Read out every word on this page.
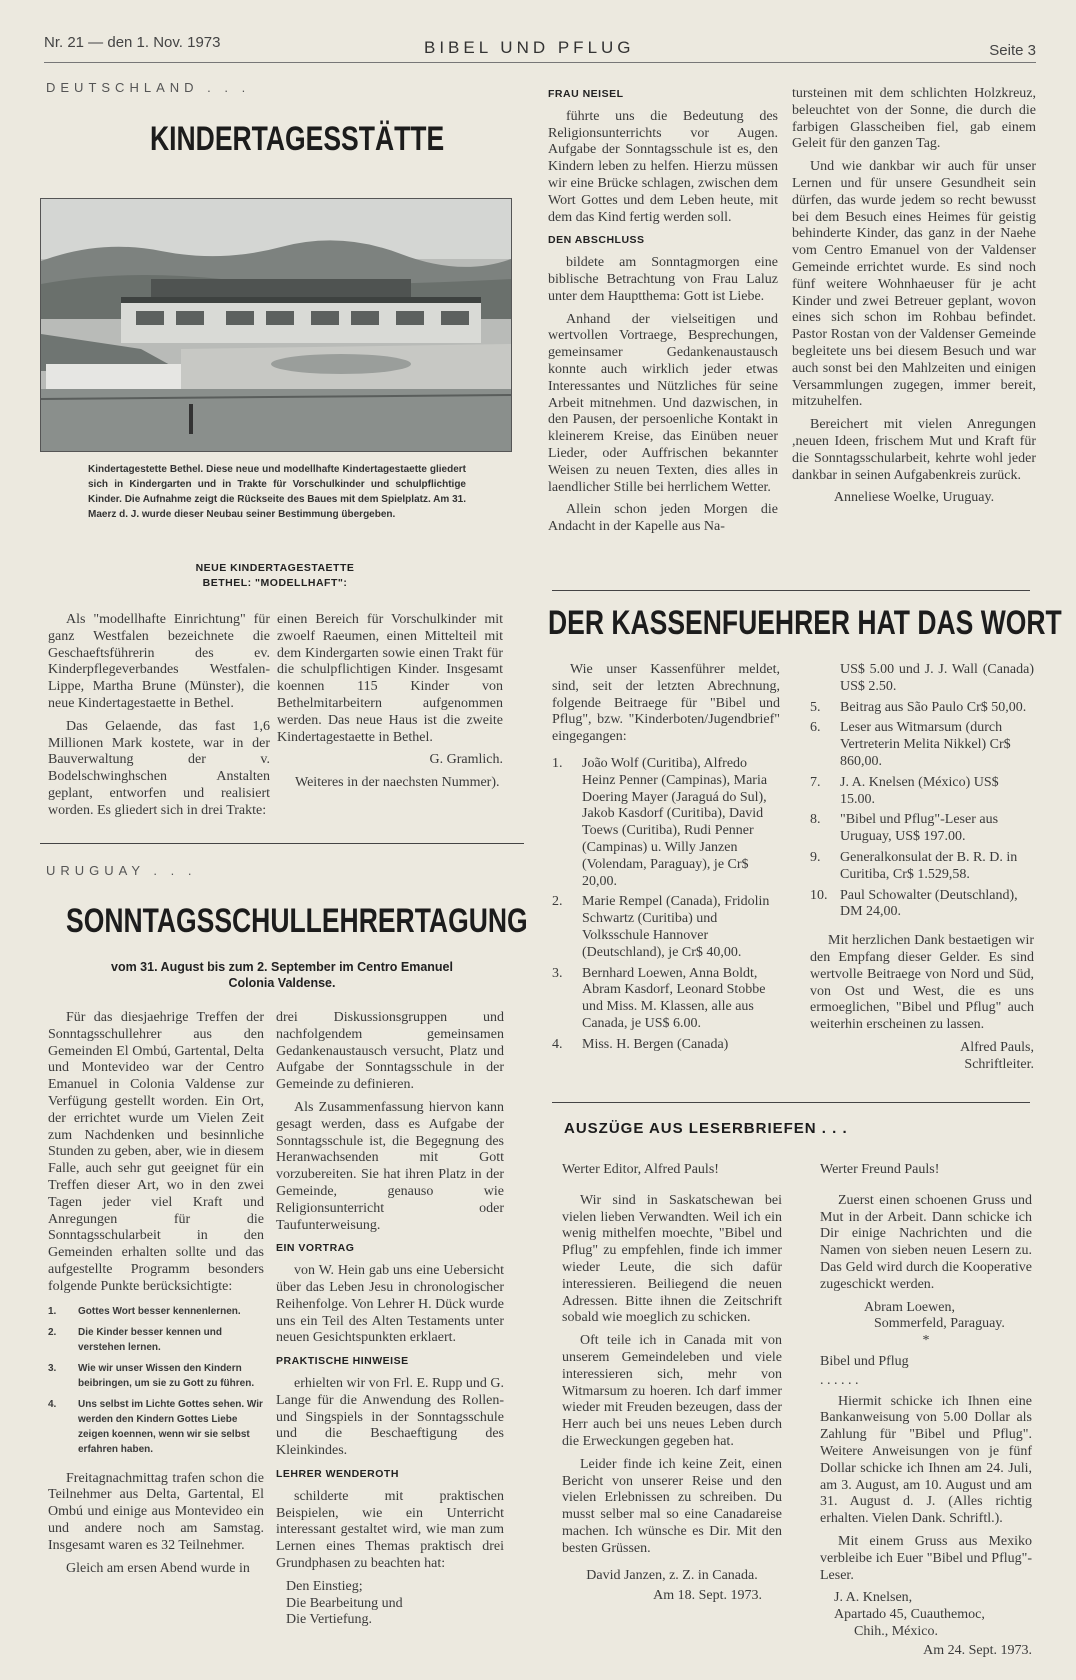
Nr. 21 — den 1. Nov. 1973	BIBEL UND PFLUG	Seite 3
DEUTSCHLAND . . .
KINDERTAGESSTÄTTE
Kindertagestette Bethel. Diese neue und modellhafte Kindertagestaette gliedert sich in Kindergarten und in Trakte für Vorschulkinder und schulpflichtige Kinder. Die Aufnahme zeigt die Rückseite des Baues mit dem Spielplatz. Am 31. Maerz d. J. wurde dieser Neubau seiner Bestimmung übergeben.
NEUE KINDERTAGESTAETTE
BETHEL: "MODELLHAFT":

Als "modellhafte Einrichtung" für ganz Westfalen bezeichnete die Geschaeftsführerin des ev. Kinderpflegeverbandes Westfalen-Lippe, Martha Brune (Münster), die neue Kindertagestaette in Bethel.

Das Gelaende, das fast 1,6 Millionen Mark kostete, war in der Bauverwaltung der v. Bodelschwinghschen Anstalten geplant, entworfen und realisiert worden. Es gliedert sich in drei Trakte:

einen Bereich für Vorschulkinder mit zwoelf Raeumen, einen Mittelteil mit dem Kindergarten sowie einen Trakt für die schulpflichtigen Kinder. Insgesamt koennen 115 Kinder von Bethelmitarbeitern aufgenommen werden. Das neue Haus ist die zweite Kindertagestaette in Bethel.

G. Gramlich.

Weiteres in der naechsten Nummer).

URUGUAY . . .
SONNTAGSSCHULLEHRERTAGUNG
vom 31. August bis zum 2. September im Centro Emanuel
Colonia Valdense.

Für das diesjaehrige Treffen der Sonntagsschullehrer aus den Gemeinden El Ombú, Gartental, Delta und Montevideo war der Centro Emanuel in Colonia Valdense zur Verfügung gestellt worden. Ein Ort, der errichtet wurde um Vielen Zeit zum Nachdenken und besinnliche Stunden zu geben, aber, wie in diesem Falle, auch sehr gut geeignet für ein Treffen dieser Art, wo in den zwei Tagen jeder viel Kraft und Anregungen für die Sonntagsschularbeit in den Gemeinden erhalten sollte und das aufgestellte Programm besonders folgende Punkte berücksichtigte:

1. Gottes Wort besser kennenlernen.
2. Die Kinder besser kennen und verstehen lernen.
3. Wie wir unser Wissen den Kindern beibringen, um sie zu Gott zu führen.
4. Uns selbst im Lichte Gottes sehen. Wir werden den Kindern Gottes Liebe zeigen koennen, wenn wir sie selbst erfahren haben.

Freitagnachmittag trafen schon die Teilnehmer aus Delta, Gartental, El Ombú und einige aus Montevideo ein und andere noch am Samstag. Insgesamt waren es 32 Teilnehmer.

Gleich am ersen Abend wurde in

drei Diskussionsgruppen und nachfolgendem gemeinsamen Gedankenaustausch versucht, Platz und Aufgabe der Sonntagsschule in der Gemeinde zu definieren.

Als Zusammenfassung hiervon kann gesagt werden, dass es Aufgabe der Sonntagsschule ist, die Begegnung des Heranwachsenden mit Gott vorzubereiten. Sie hat ihren Platz in der Gemeinde, genauso wie Religionsunterricht oder Taufunterweisung.

EIN VORTRAG

von W. Hein gab uns eine Uebersicht über das Leben Jesu in chronologischer Reihenfolge. Von Lehrer H. Dück wurde uns ein Teil des Alten Testaments unter neuen Gesichtspunkten erklaert.

PRAKTISCHE HINWEISE

erhielten wir von Frl. E. Rupp und G. Lange für die Anwendung des Rollen- und Singspiels in der Sonntagsschule und die Beschaeftigung des Kleinkindes.

LEHRER WENDEROTH

schilderte mit praktischen Beispielen, wie ein Unterricht interessant gestaltet wird, wie man zum Lernen eines Themas praktisch drei Grundphasen zu beachten hat:

Den Einstieg;
Die Bearbeitung und
Die Vertiefung.
FRAU NEISEL

führte uns die Bedeutung des Religionsunterrichts vor Augen. Aufgabe der Sonntagsschule ist es, den Kindern leben zu helfen. Hierzu müssen wir eine Brücke schlagen, zwischen dem Wort Gottes und dem Leben heute, mit dem das Kind fertig werden soll.

DEN ABSCHLUSS

bildete am Sonntagmorgen eine biblische Betrachtung von Frau Laluz unter dem Hauptthema: Gott ist Liebe.

Anhand der vielseitigen und wertvollen Vortraege, Besprechungen, gemeinsamer Gedankenaustausch konnte auch wirklich jeder etwas Interessantes und Nützliches für seine Arbeit mitnehmen. Und dazwischen, in den Pausen, der persoenliche Kontakt in kleinerem Kreise, das Einüben neuer Lieder, oder Auffrischen bekannter Weisen zu neuen Texten, dies alles in laendlicher Stille bei herrlichem Wetter.

Allein schon jeden Morgen die Andacht in der Kapelle aus Na-

tursteinen mit dem schlichten Holzkreuz, beleuchtet von der Sonne, die durch die farbigen Glasscheiben fiel, gab einem Geleit für den ganzen Tag.

Und wie dankbar wir auch für unser Lernen und für unsere Gesundheit sein dürfen, das wurde jedem so recht bewusst bei dem Besuch eines Heimes für geistig behinderte Kinder, das ganz in der Naehe vom Centro Emanuel von der Valdenser Gemeinde errichtet wurde. Es sind noch fünf weitere Wohnhaeuser für je acht Kinder und zwei Betreuer geplant, wovon eines sich schon im Rohbau befindet. Pastor Rostan von der Valdenser Gemeinde begleitete uns bei diesem Besuch und war auch sonst bei den Mahlzeiten und einigen Versammlungen zugegen, immer bereit, mitzuhelfen.

Bereichert mit vielen Anregungen ,neuen Ideen, frischem Mut und Kraft für die Sonntagsschularbeit, kehrte wohl jeder dankbar in seinen Aufgabenkreis zurück.

Anneliese Woelke, Uruguay.
DER KASSENFUEHRER HAT DAS WORT

Wie unser Kassenführer meldet, sind, seit der letzten Abrechnung, folgende Beitraege für "Bibel und Pflug", bzw. "Kinderboten/Jugendbrief" eingegangen:

1. João Wolf (Curitiba), Alfredo Heinz Penner (Campinas), Maria Doering Mayer (Jaraguá do Sul), Jakob Kasdorf (Curitiba), David Toews (Curitiba), Rudi Penner (Campinas) u. Willy Janzen (Volendam, Paraguay), je Cr$ 20,00.
2. Marie Rempel (Canada), Fridolin Schwartz (Curitiba) und Volksschule Hannover (Deutschland), je Cr$ 40,00.
3. Bernhard Loewen, Anna Boldt, Abram Kasdorf, Leonard Stobbe und Miss. M. Klassen, alle aus Canada, je US$ 6.00.
4. Miss. H. Bergen (Canada)
US$ 5.00 und J. J. Wall (Canada) US$ 2.50.
5. Beitrag aus São Paulo Cr$ 50,00.
6. Leser aus Witmarsum (durch Vertreterin Melita Nikkel) Cr$ 860,00.
7. J. A. Knelsen (México) US$ 15.00.
8. "Bibel und Pflug"-Leser aus Uruguay, US$ 197.00.
9. Generalkonsulat der B. R. D. in Curitiba, Cr$ 1.529,58.
10. Paul Schowalter (Deutschland), DM 24,00.

Mit herzlichen Dank bestaetigen wir den Empfang dieser Gelder. Es sind wertvolle Beitraege von Nord und Süd, von Ost und West, die es uns ermoeglichen, "Bibel und Pflug" auch weiterhin erscheinen zu lassen.

Alfred Pauls,
Schriftleiter.
AUSZÜGE AUS LESERBRIEFEN . . .

Werter Editor, Alfred Pauls!

Wir sind in Saskatschewan bei vielen lieben Verwandten. Weil ich ein wenig mithelfen moechte, "Bibel und Pflug" zu empfehlen, finde ich immer wieder Leute, die sich dafür interessieren. Beiliegend die neuen Adressen. Bitte ihnen die Zeitschrift sobald wie moeglich zu schicken.

Oft teile ich in Canada mit von unserem Gemeindeleben und viele interessieren sich, mehr von Witmarsum zu hoeren. Ich darf immer wieder mit Freuden bezeugen, dass der Herr auch bei uns neues Leben durch die Erweckungen gegeben hat.

Leider finde ich keine Zeit, einen Bericht von unserer Reise und den vielen Erlebnissen zu schreiben. Du musst selber mal so eine Canadareise machen. Ich wünsche es Dir. Mit den besten Grüssen.

David Janzen, z. Z. in Canada.
Am 18. Sept. 1973.

Werter Freund Pauls!

Zuerst einen schoenen Gruss und Mut in der Arbeit. Dann schicke ich Dir einige Nachrichten und die Namen von sieben neuen Lesern zu. Das Geld wird durch die Kooperative zugeschickt werden.

Abram Loewen,
Sommerfeld, Paraguay.
*

Bibel und Pflug

. . . . . .

Hiermit schicke ich Ihnen eine Bankanweisung von 5.00 Dollar als Zahlung für "Bibel und Pflug". Weitere Anweisungen von je fünf Dollar schicke ich Ihnen am 24. Juli, am 3. August, am 10. August und am 31. August d. J. (Alles richtig erhalten. Vielen Dank. Schriftl.).

Mit einem Gruss aus Mexiko verbleibe ich Euer "Bibel und Pflug"-Leser.

J. A. Knelsen,
Apartado 45, Cuauthemoc,
Chih., México.
Am 24. Sept. 1973.
